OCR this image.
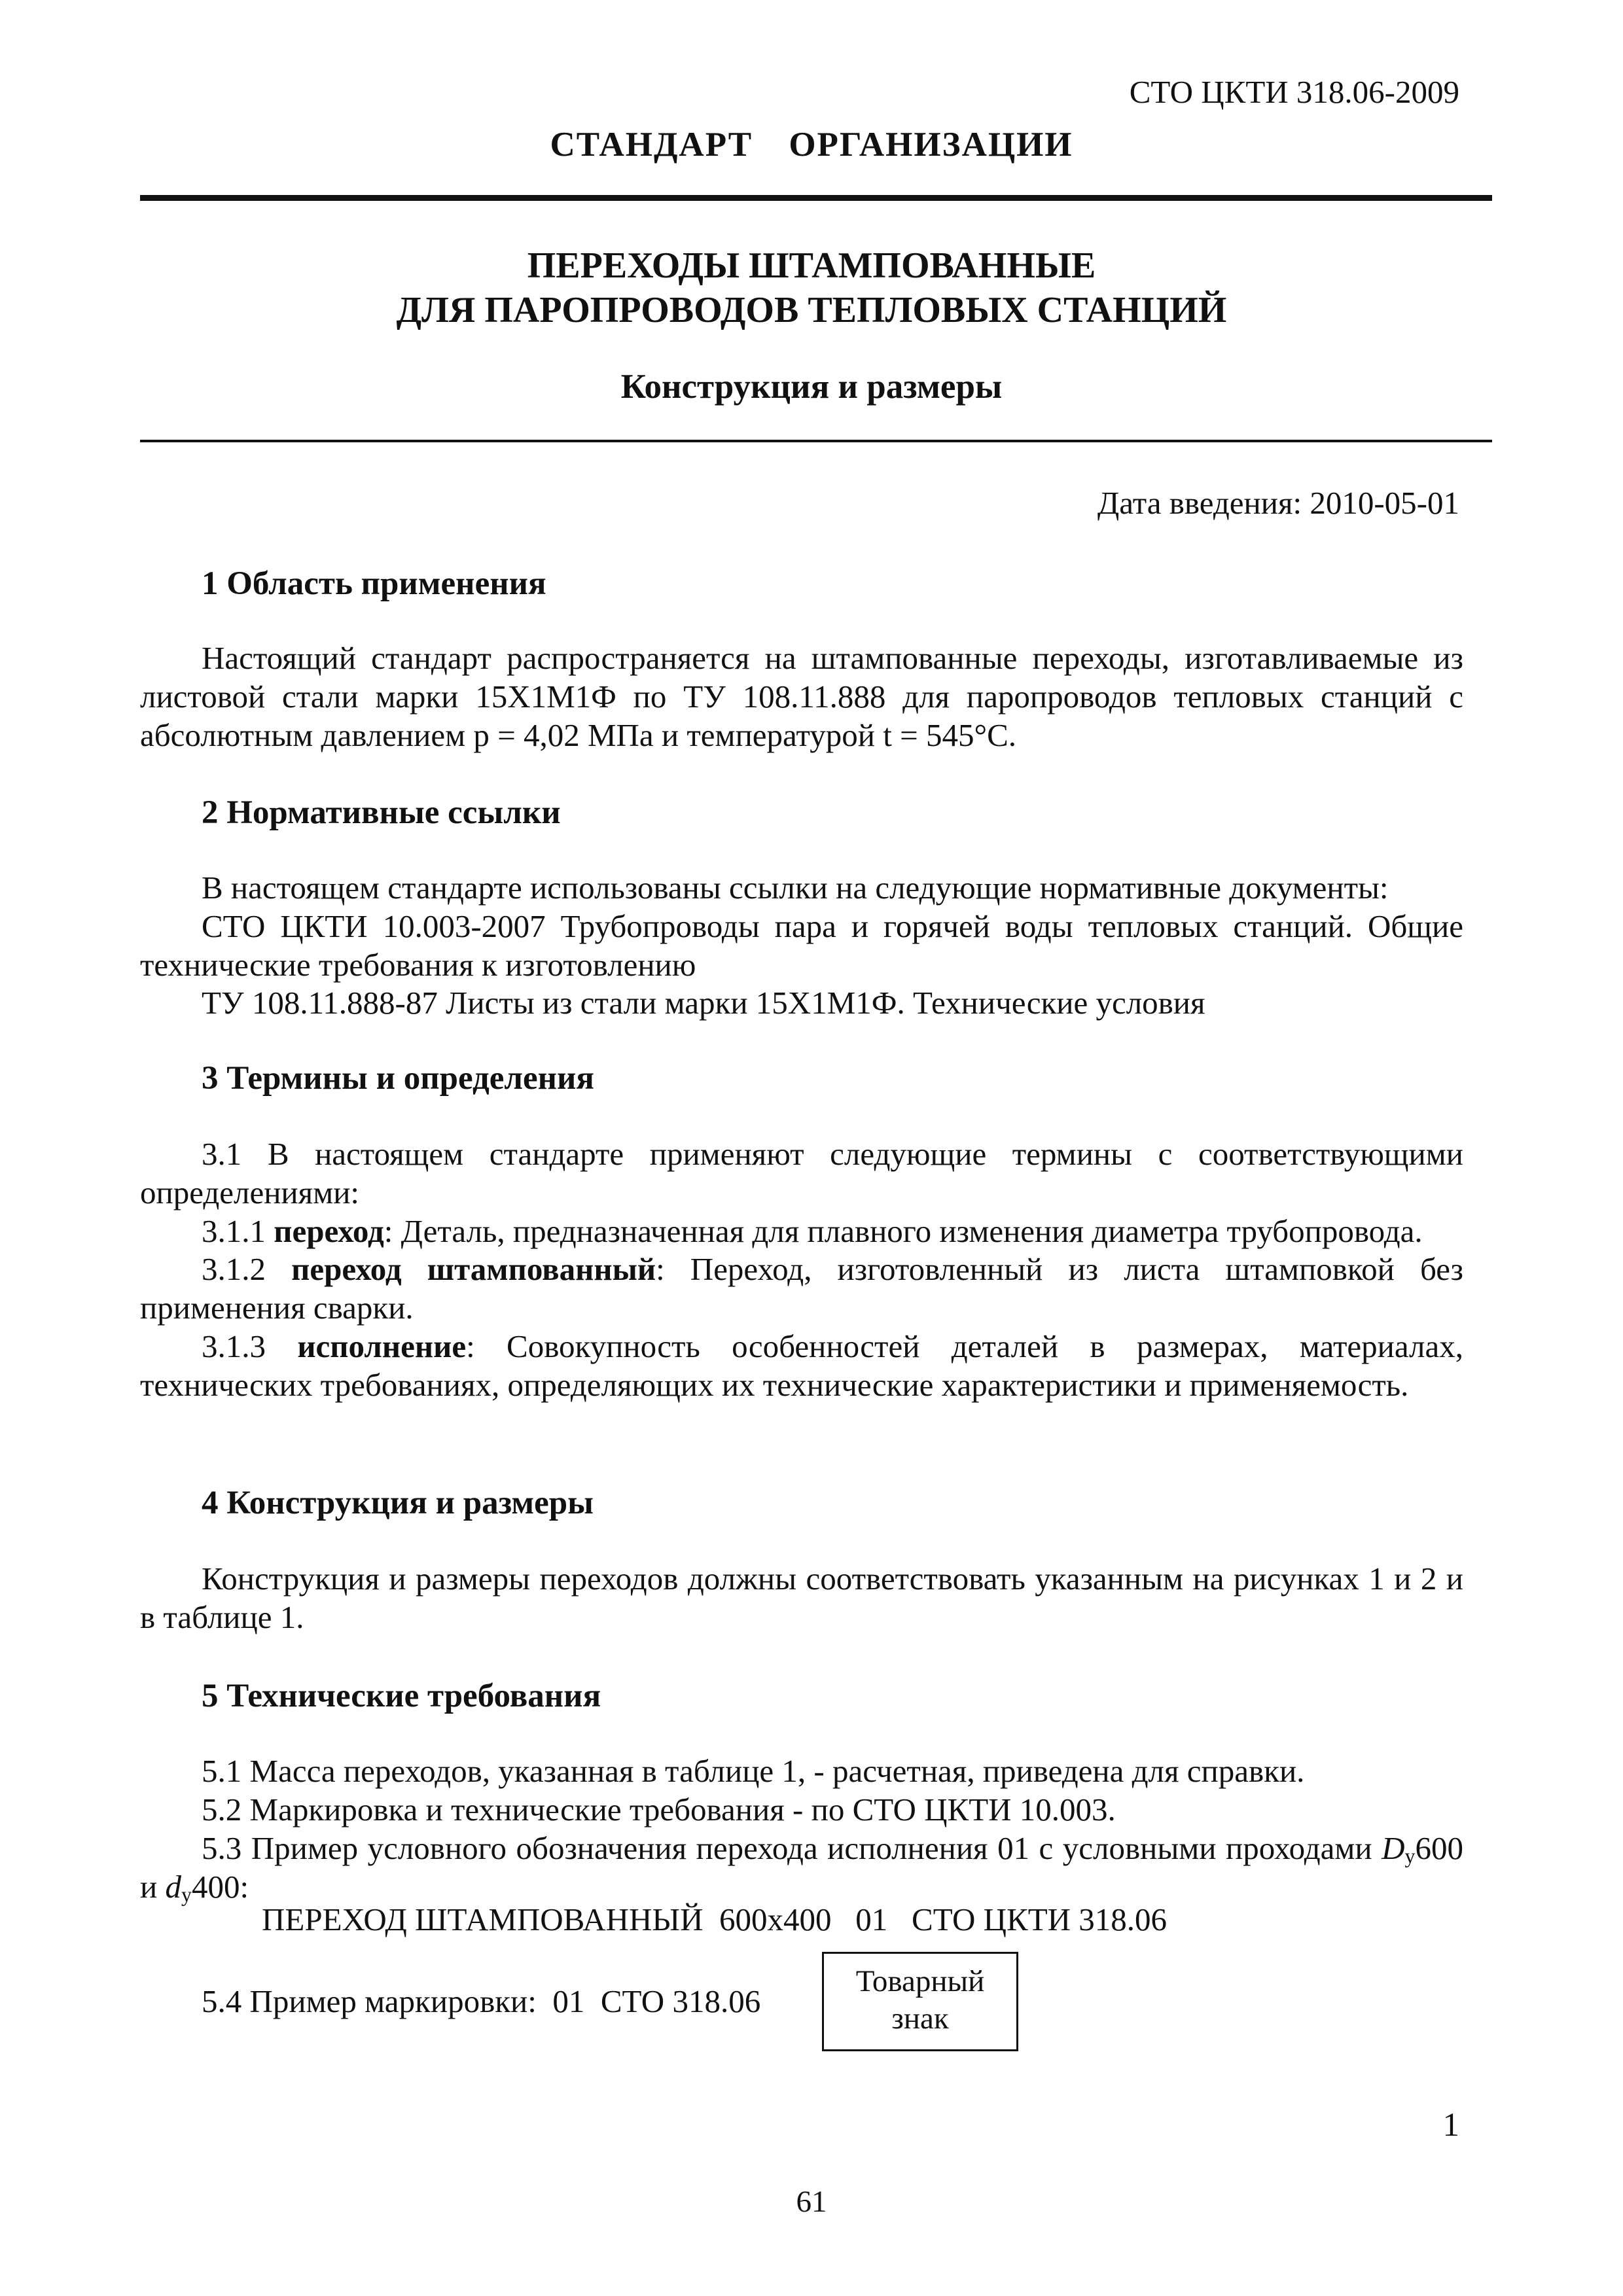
СТО ЦКТИ 318.06-2009
СТАНДАРТ ОРГАНИЗАЦИИ
ПЕРЕХОДЫ ШТАМПОВАННЫЕ
ДЛЯ ПАРОПРОВОДОВ ТЕПЛОВЫХ СТАНЦИЙ
Конструкция и размеры
Дата введения: 2010-05-01
1 Область применения

Настоящий стандарт распространяется на штампованные переходы, изготавливаемые из листовой стали марки 15Х1М1Ф по ТУ 108.11.888 для паропроводов тепловых станций с абсолютным давлением р = 4,02 МПа и температурой t = 545°С.

2 Нормативные ссылки

В настоящем стандарте использованы ссылки на следующие нормативные документы:

СТО ЦКТИ 10.003-2007 Трубопроводы пара и горячей воды тепловых станций. Общие технические требования к изготовлению

ТУ 108.11.888-87 Листы из стали марки 15Х1М1Ф. Технические условия

3 Термины и определения

3.1 В настоящем стандарте применяют следующие термины с соответствующими определениями:

3.1.1 переход: Деталь, предназначенная для плавного изменения диаметра трубопровода.

3.1.2 переход штампованный: Переход, изготовленный из листа штамповкой без применения сварки.

3.1.3 исполнение: Совокупность особенностей деталей в размерах, материалах, технических требованиях, определяющих их технические характеристики и применяемость.

4 Конструкция и размеры

Конструкция и размеры переходов должны соответствовать указанным на рисунках 1 и 2 и в таблице 1.

5 Технические требования

5.1 Масса переходов, указанная в таблице 1, - расчетная, приведена для справки.

5.2 Маркировка и технические требования - по СТО ЦКТИ 10.003.

5.3 Пример условного обозначения перехода исполнения 01 с условными проходами $D_y600$ и $d_y400$:

ПЕРЕХОД ШТАМПОВАННЫЙ  600х400   01   СТО ЦКТИ 318.06
5.4 Пример маркировки:  01  СТО 318.06
Товарный
знак
1
61
